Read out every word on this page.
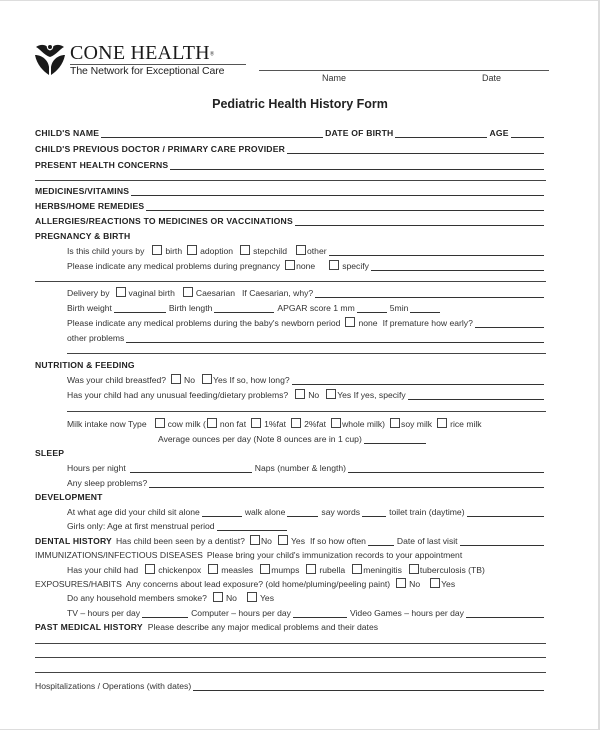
CONE HEALTH®
The Network for Exceptional Care
Name	Date
Pediatric Health History Form
CHILD'S NAME	DATE OF BIRTH	AGE
CHILD'S PREVIOUS DOCTOR / PRIMARY CARE PROVIDER
PRESENT HEALTH CONCERNS
MEDICINES/VITAMINS
HERBS/HOME REMEDIES
ALLERGIES/REACTIONS TO MEDICINES OR VACCINATIONS
PREGNANCY & BIRTH
Is this child yours by birth adoption stepchild other
Please indicate any medical problems during pregnancy none	specify
Delivery by vaginal birth Caesarian If Caesarian, why?
Birth weight	Birth length	APGAR score 1 mm	5min
Please indicate any medical problems during the baby's newborn period none If premature how early?
other problems
NUTRITION & FEEDING
Was your child breastfed? No Yes If so, how long?
Has your child had any unusual feeding/dietary problems? No Yes If yes, specify
Milk intake now Type cow milk ( non fat 1%fat 2%fat whole milk) soy milk rice milk
Average ounces per day (Note 8 ounces are in 1 cup)
SLEEP
Hours per night	Naps (number & length)
Any sleep problems?
DEVELOPMENT
At what age did your child sit alone	walk alone	say words	toilet train (daytime)
Girls only: Age at first menstrual period
DENTAL HISTORY Has child been seen by a dentist? No Yes If so how often	Date of last visit
IMMUNIZATIONS/INFECTIOUS DISEASES Please bring your child's immunization records to your appointment
Has your child had chickenpox measles mumps rubella meningitis tuberculosis (TB)
EXPOSURES/HABITS Any concerns about lead exposure? (old home/pluming/peeling paint) No Yes
Do any household members smoke? No	Yes
TV – hours per day	Computer – hours per day	Video Games – hours per day
PAST MEDICAL HISTORY Please describe any major medical problems and their dates
Hospitalizations / Operations (with dates)
